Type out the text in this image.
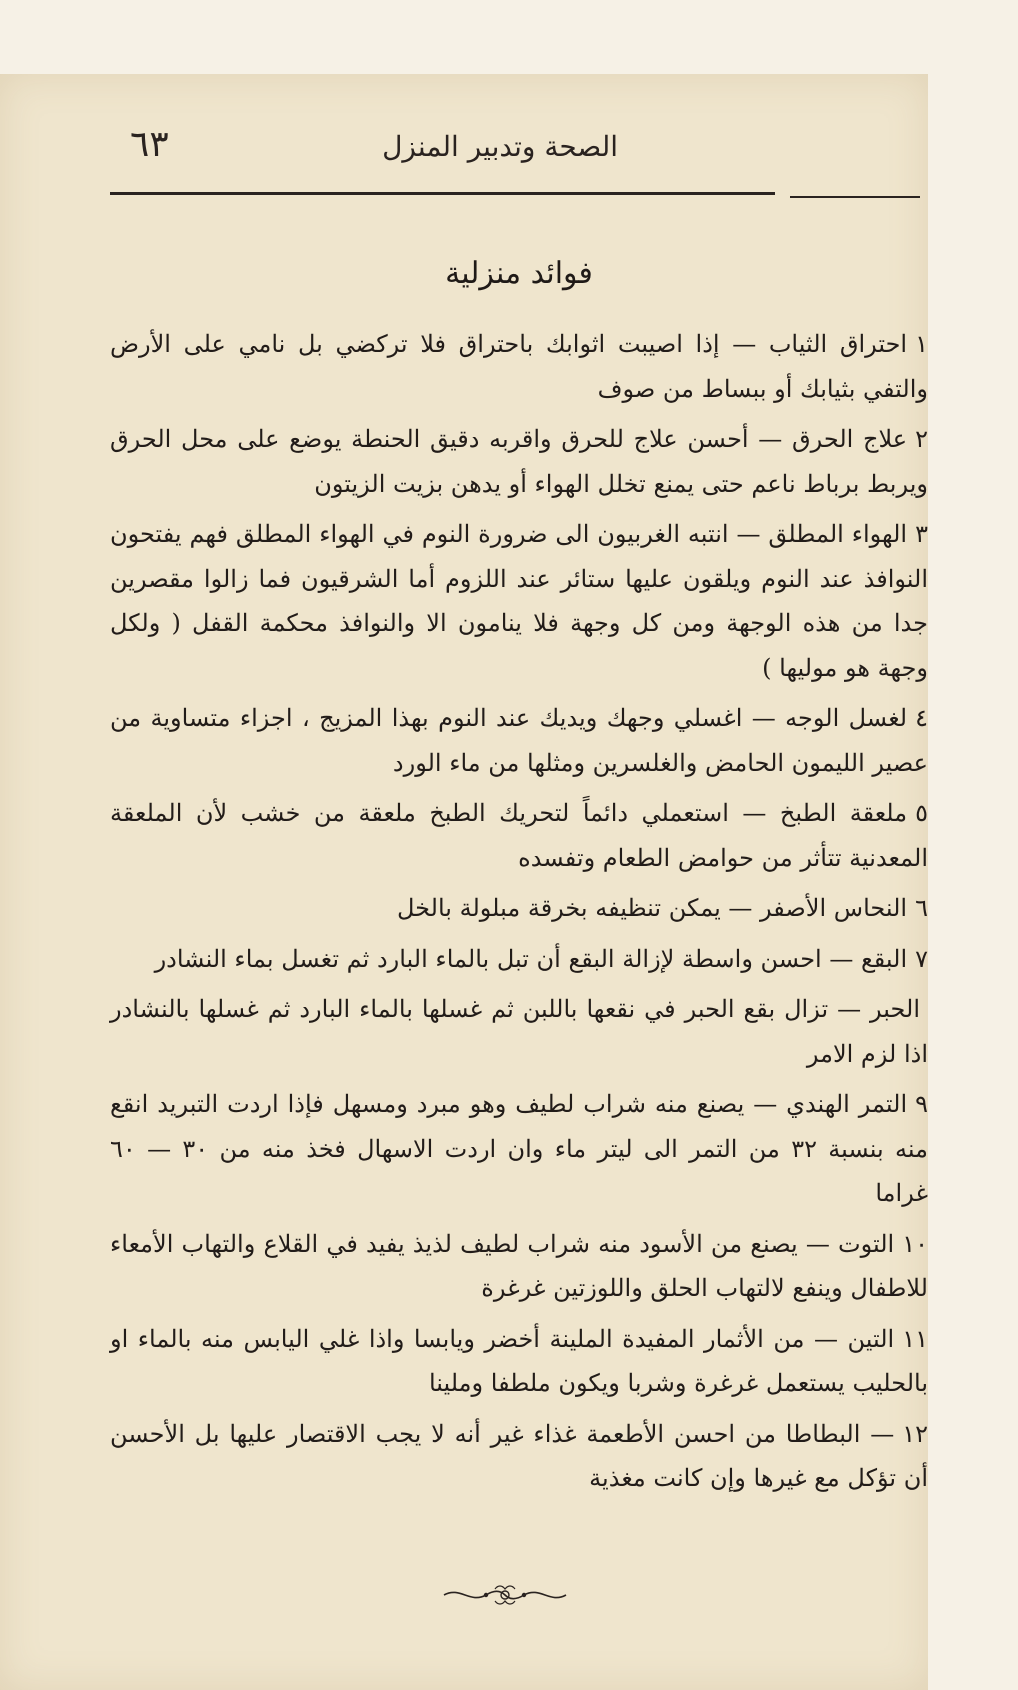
الصحة وتدبير المنزل
٦٣
فوائد منزلية

١احتراق الثياب — إذا اصيبت اثوابك باحتراق فلا تركضي بل نامي على الأرض والتفي بثيابك أو ببساط من صوف

٢علاج الحرق — أحسن علاج للحرق واقربه دقيق الحنطة يوضع على محل الحرق ويربط برباط ناعم حتى يمنع تخلل الهواء أو يدهن بزيت الزيتون

٣الهواء المطلق — انتبه الغربيون الى ضرورة النوم في الهواء المطلق فهم يفتحون النوافذ عند النوم ويلقون عليها ستائر عند اللزوم أما الشرقيون فما زالوا مقصرين جدا من هذه الوجهة ومن كل وجهة فلا ينامون الا والنوافذ محكمة القفل ( ولكل وجهة هو موليها )

٤لغسل الوجه — اغسلي وجهك ويديك عند النوم بهذا المزيج ، اجزاء متساوية من عصير الليمون الحامض والغلسرين ومثلها من ماء الورد

٥ملعقة الطبخ — استعملي دائماً لتحريك الطبخ ملعقة من خشب لأن الملعقة المعدنية تتأثر من حوامض الطعام وتفسده

٦النحاس الأصفر — يمكن تنظيفه بخرقة مبلولة بالخل

٧البقع — احسن واسطة لإزالة البقع أن تبل بالماء البارد ثم تغسل بماء النشادر

الحبر — تزال بقع الحبر في نقعها باللبن ثم غسلها بالماء البارد ثم غسلها بالنشادر اذا لزم الامر

٩التمر الهندي — يصنع منه شراب لطيف وهو مبرد ومسهل فإذا اردت التبريد انقع منه بنسبة ٣٢ من التمر الى ليتر ماء وان اردت الاسهال فخذ منه من ٣٠ — ٦٠ غراما

١٠التوت — يصنع من الأسود منه شراب لطيف لذيذ يفيد في القلاع والتهاب الأمعاء للاطفال وينفع لالتهاب الحلق واللوزتين غرغرة

١١التين — من الأثمار المفيدة الملينة أخضر ويابسا واذا غلي اليابس منه بالماء او بالحليب يستعمل غرغرة وشربا ويكون ملطفا وملينا

١٢— البطاطا من احسن الأطعمة غذاء غير أنه لا يجب الاقتصار عليها بل الأحسن أن تؤكل مع غيرها وإن كانت مغذية
